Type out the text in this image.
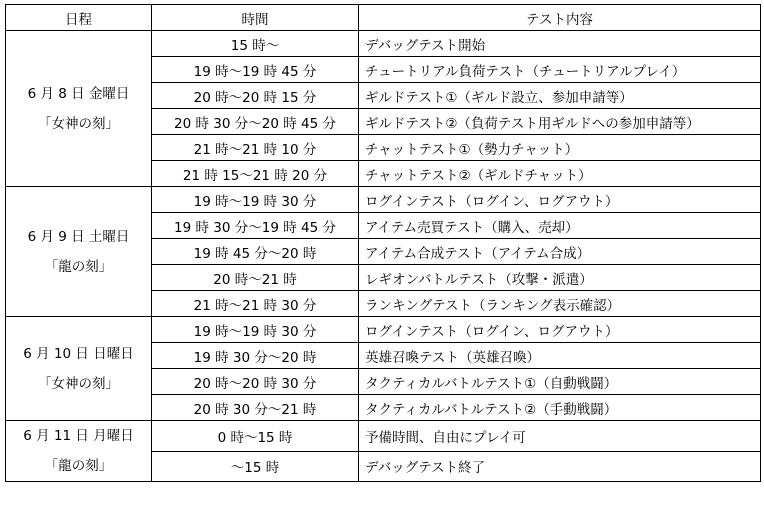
日程	時間	テスト内容

6 月 8 日 金曜日
「女神の刻」	15 時～	デバッグテスト開始
	19 時～19 時 45 分	チュートリアル負荷テスト（チュートリアルプレイ）
	20 時～20 時 15 分	ギルドテスト①（ギルド設立、参加申請等）
	20 時 30 分～20 時 45 分	ギルドテスト②（負荷テスト用ギルドへの参加申請等）
	21 時～21 時 10 分	チャットテスト①（勢力チャット）
	21 時 15～21 時 20 分	チャットテスト②（ギルドチャット）

6 月 9 日 土曜日
「龍の刻」	19 時～19 時 30 分	ログインテスト（ログイン、ログアウト）
	19 時 30 分～19 時 45 分	アイテム売買テスト（購入、売却）
	19 時 45 分～20 時	アイテム合成テスト（アイテム合成）
	20 時～21 時	レギオンバトルテスト（攻撃・派遣）
	21 時～21 時 30 分	ランキングテスト（ランキング表示確認）

6 月 10 日 日曜日
「女神の刻」	19 時～19 時 30 分	ログインテスト（ログイン、ログアウト）
	19 時 30 分～20 時	英雄召喚テスト（英雄召喚）
	20 時～20 時 30 分	タクティカルバトルテスト①（自動戦闘）
	20 時 30 分～21 時	タクティカルバトルテスト②（手動戦闘）

6 月 11 日 月曜日
「龍の刻」	0 時～15 時	予備時間、自由にプレイ可
	～15 時	デバッグテスト終了
